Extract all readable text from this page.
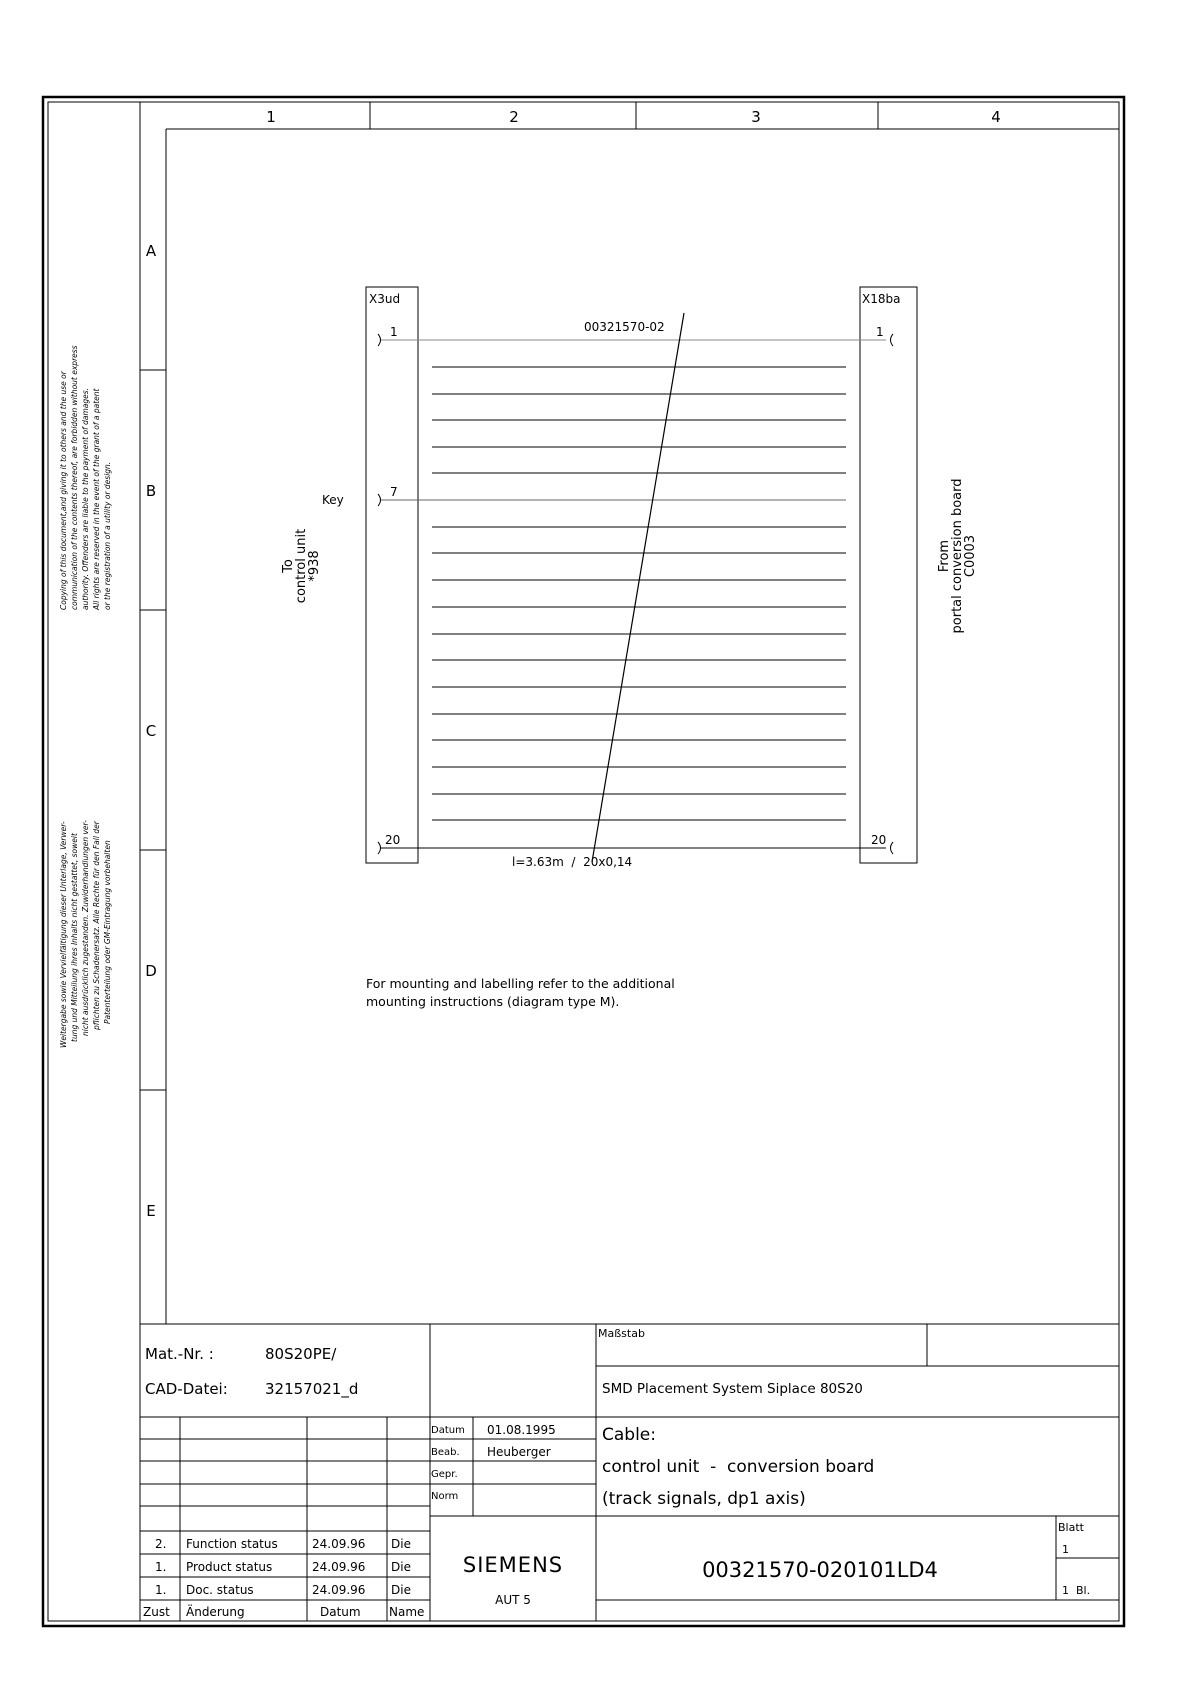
1	2	3	4
A
B
C
D
E
Copying of this document,and giving it to others and the use or communication of the contents thereof, are forbidden without express authority. Offenders are liable to the payment of damages. All rights are reserved in the event of the grant of a patent or the registration of a utility or design.
Weitergabe sowie Vervielfältigung dieser Unterlage, Verwer- tung und Mitteilung ihres Inhalts nicht gestattet, soweit nicht ausdrücklich zugestanden. Zuwiderhandlungen ver- pflichten zu Schadenersatz. Alle Rechte für den Fall der Patenterteilung oder GM-Eintragung vorbehalten
X3ud	X18ba
00321570-02
1	1
7
Key
20	20
l=3.63m  /  20x0,14
To
control unit
*938	From
portal conversion board
C0003
For mounting and labelling refer to the additional
mounting instructions (diagram type M).
Mat.-Nr. :	80S20PE/
CAD-Datei: 32157021_d
Maßstab
SMD Placement System Siplace 80S20
Datum 01.08.1995
Beab. Heuberger
Gepr.
Norm
Cable:
control unit  -  conversion board
(track signals, dp1 axis)
2. Function status	24.09.96 Die
1. Product status	24.09.96 Die
1. Doc. status	24.09.96 Die
Zust Änderung	Datum Name
SIEMENS
AUT 5
00321570-020101LD4
Blatt
1
1  Bl.
